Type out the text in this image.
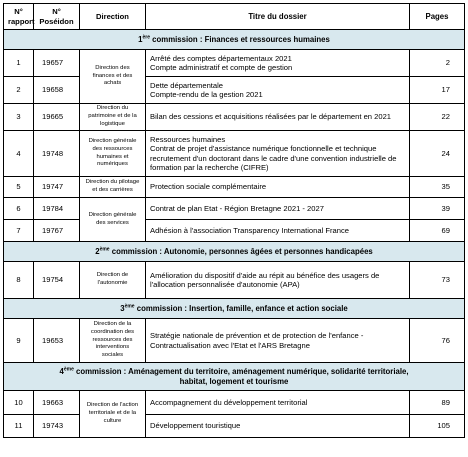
N°
rapport	N°
Poséidon	Direction	Titre du dossier	Pages
1ère commission : Finances et ressources humaines				
1	19657	Direction des finances et des achats	Arrêté des comptes départementaux 2021
Compte administratif et compte de gestion	2
2	19658		Dette départementale
Compte-rendu de la gestion 2021	17
3	19665	Direction du patrimoine et de la logistique	Bilan des cessions et acquisitions réalisées par le département en 2021	22
4	19748	Direction générale des ressources humaines et numériques	Ressources humaines
Contrat de projet d'assistance numérique fonctionnelle et technique
recrutement d'un doctorant dans le cadre d'une convention industrielle de formation par la recherche (CIFRE)	24
5	19747	Direction du pilotage et des carrières	Protection sociale complémentaire	35
6	19784	Direction générale des services	Contrat de plan Etat - Région Bretagne 2021 - 2027	39
7	19767		Adhésion à l'association Transparency International France	69
2ème commission : Autonomie, personnes âgées et personnes handicapées				
8	19754	Direction de l'autonomie	Amélioration du dispositif d'aide au répit au bénéfice des usagers de l'allocation personnalisée d'autonomie (APA)	73
3ème commission : Insertion, famille, enfance et action sociale				
9	19653	Direction de la coordination des ressources des interventions sociales	Stratégie nationale de prévention et de protection de l'enfance - Contractualisation avec l'Etat et l'ARS Bretagne	76
4ème commission : Aménagement du territoire, aménagement numérique, solidarité territoriale,
habitat, logement et tourisme				
10	19663	Direction de l'action territoriale et de la culture	Accompagnement du développement territorial	89
11	19743		Développement touristique	105
